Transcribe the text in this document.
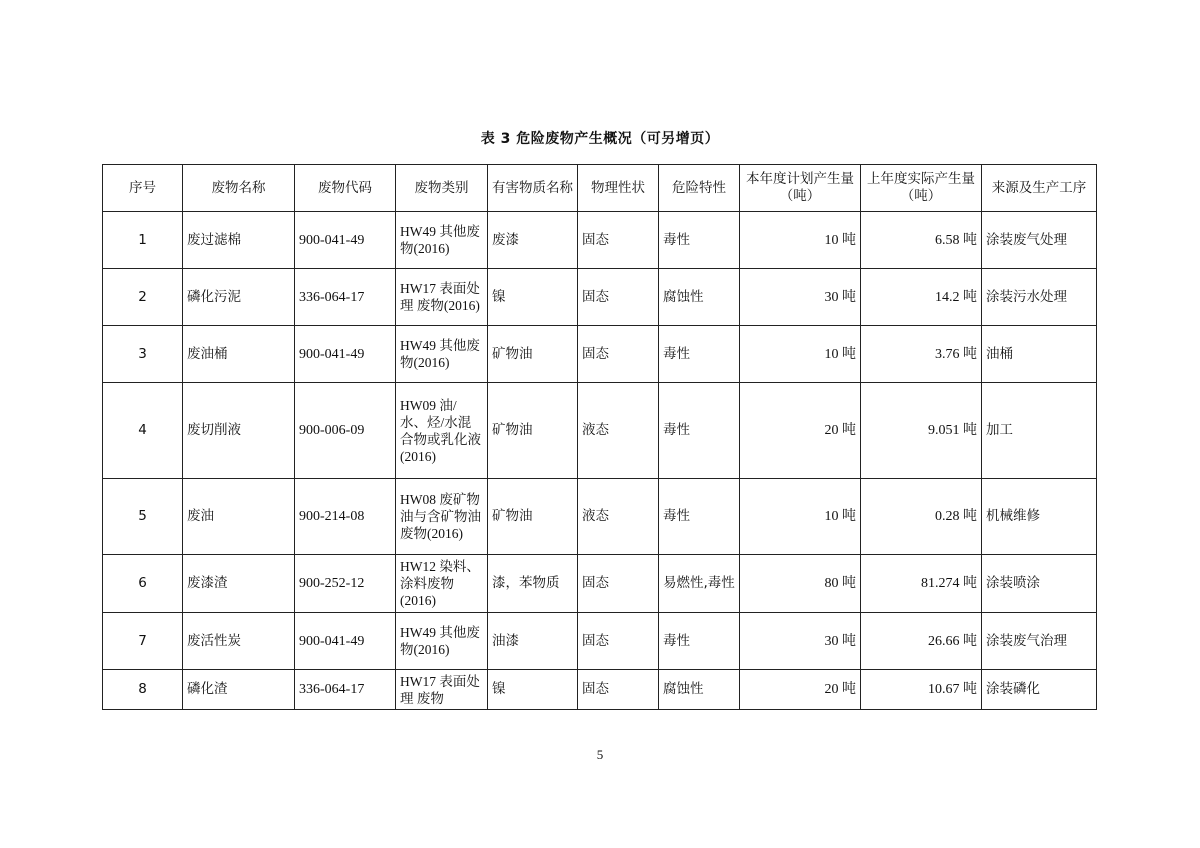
表 3 危险废物产生概况（可另增页）
序号	废物名称	废物代码	废物类别	有害物质名称	物理性状	危险特性	本年度计划产生量（吨）	上年度实际产生量（吨）	来源及生产工序
1	废过滤棉	900-041-49	HW49 其他废物(2016)	废漆	固态	毒性	10 吨	6.58 吨	涂装废气处理
2	磷化污泥	336-064-17	HW17 表面处理 废物(2016)	镍	固态	腐蚀性	30 吨	14.2 吨	涂装污水处理
3	废油桶	900-041-49	HW49 其他废物(2016)	矿物油	固态	毒性	10 吨	3.76 吨	油桶
4	废切削液	900-006-09	HW09 油/水、烃/水混合物或乳化液(2016)	矿物油	液态	毒性	20 吨	9.051 吨	加工
5	废油	900-214-08	HW08 废矿物油与含矿物油废物(2016)	矿物油	液态	毒性	10 吨	0.28 吨	机械维修
6	废漆渣	900-252-12	HW12 染料、涂料废物 (2016)	漆，苯物质	固态	易燃性,毒性	80 吨	81.274 吨	涂装喷涂
7	废活性炭	900-041-49	HW49 其他废物(2016)	油漆	固态	毒性	30 吨	26.66 吨	涂装废气治理
8	磷化渣	336-064-17	HW17 表面处理 废物	镍	固态	腐蚀性	20 吨	10.67 吨	涂装磷化
5
